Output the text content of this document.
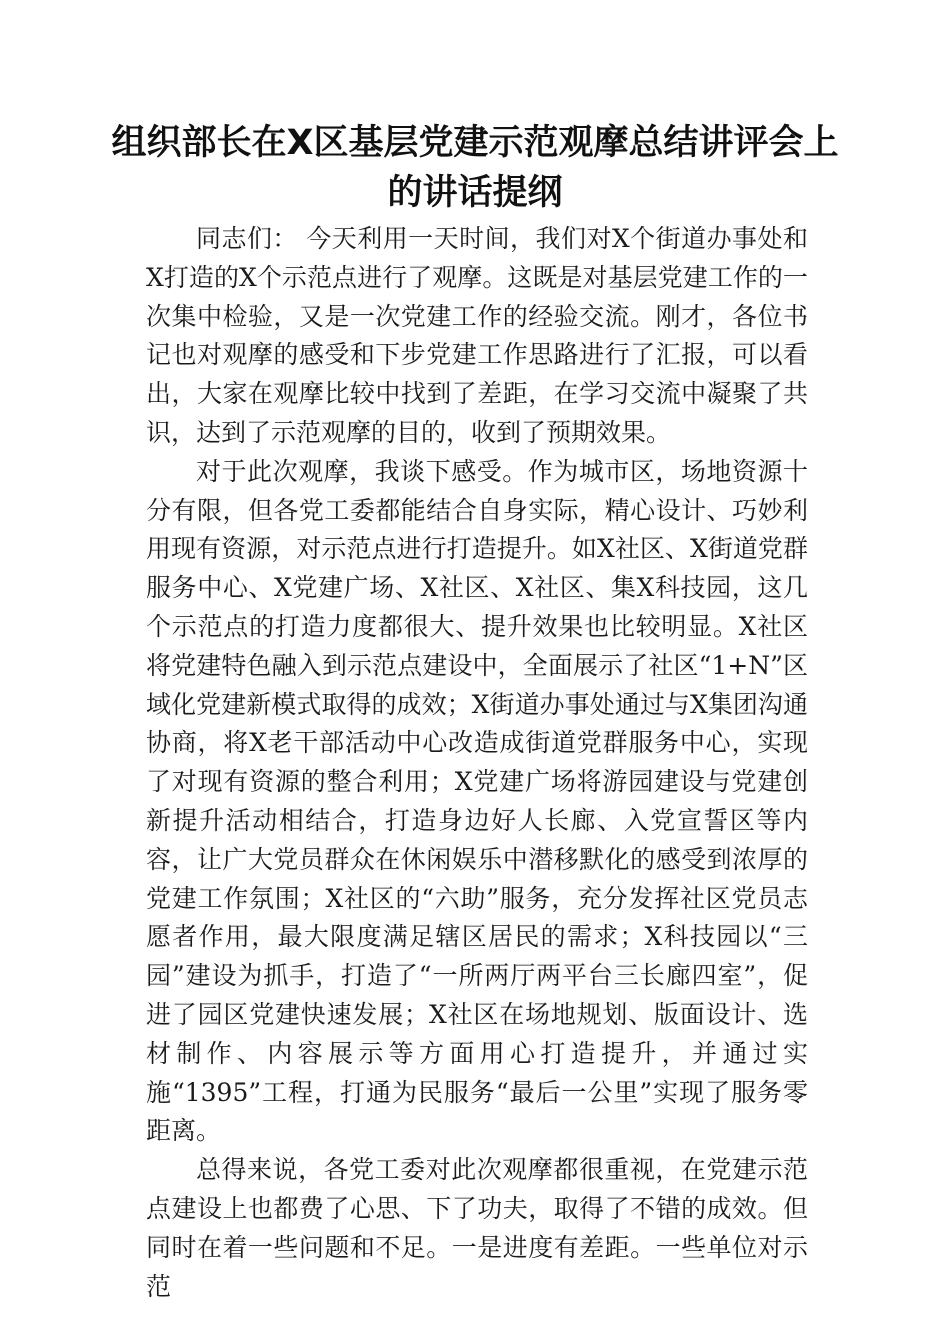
组织部长在X区基层党建示范观摩总结讲评会上的讲话提纲

同志们： 今天利用一天时间，我们对X个街道办事处和X打造的X个示范点进行了观摩。这既是对基层党建工作的一次集中检验，又是一次党建工作的经验交流。刚才，各位书记也对观摩的感受和下步党建工作思路进行了汇报，可以看出，大家在观摩比较中找到了差距，在学习交流中凝聚了共识，达到了示范观摩的目的，收到了预期效果。

对于此次观摩，我谈下感受。作为城市区，场地资源十分有限，但各党工委都能结合自身实际，精心设计、巧妙利用现有资源，对示范点进行打造提升。如X社区、X街道党群服务中心、X党建广场、X社区、X社区、集X科技园，这几个示范点的打造力度都很大、提升效果也比较明显。X社区将党建特色融入到示范点建设中，全面展示了社区“1+N”区域化党建新模式取得的成效；X街道办事处通过与X集团沟通协商，将X老干部活动中心改造成街道党群服务中心，实现了对现有资源的整合利用；X党建广场将游园建设与党建创新提升活动相结合，打造身边好人长廊、入党宣誓区等内容，让广大党员群众在休闲娱乐中潜移默化的感受到浓厚的党建工作氛围；X社区的“六助”服务，充分发挥社区党员志愿者作用，最大限度满足辖区居民的需求；X科技园以“三园”建设为抓手，打造了“一所两厅两平台三长廊四室”，促进了园区党建快速发展；X社区在场地规划、版面设计、选材制作、内容展示等方面用心打造提升，并通过实施“1395”工程，打通为民服务“最后一公里”实现了服务零距离。

总得来说，各党工委对此次观摩都很重视，在党建示范点建设上也都费了心思、下了功夫，取得了不错的成效。但同时在着一些问题和不足。一是进度有差距。一些单位对示范
